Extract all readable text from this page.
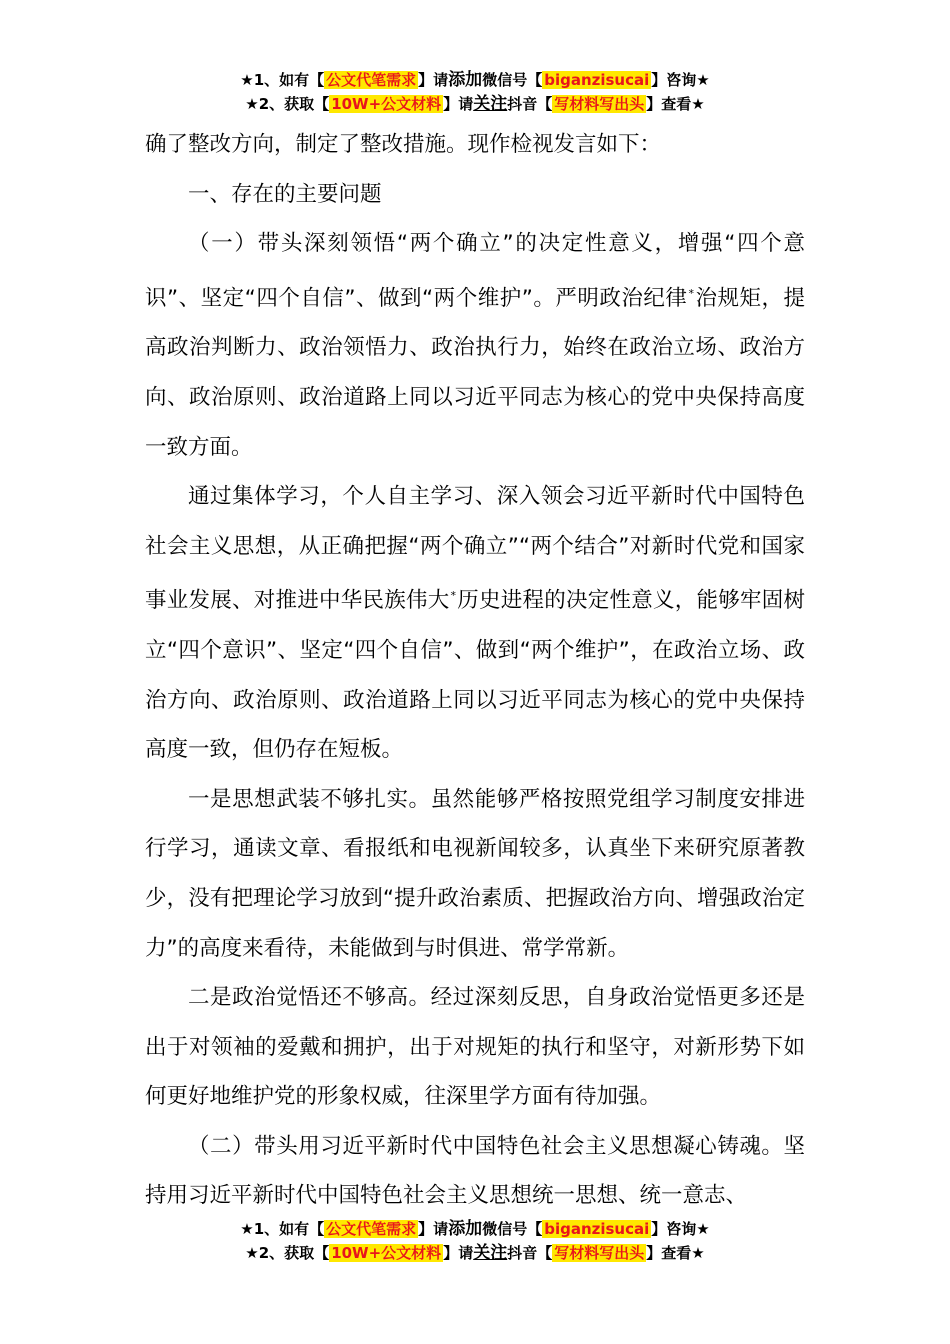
★1、如有【 公文代笔需求 】请添加微信号【 biganzisucai 】咨询★
★2、获取【 10W+公文材料 】请关注抖音【 写材料写出头 】查看★

确了整改方向，制定了整改措施。现作检视发言如下：

一、存在的主要问题

（一）带头深刻领悟“两个确立”的决定性意义，增强“四个意识”、坚定“四个自信”、做到“两个维护”。严明政治纪律*治规矩，提高政治判断力、政治领悟力、政治执行力，始终在政治立场、政治方向、政治原则、政治道路上同以习近平同志为核心的党中央保持高度一致方面。

通过集体学习，个人自主学习、深入领会习近平新时代中国特色社会主义思想，从正确把握“两个确立”“两个结合”对新时代党和国家事业发展、对推进中华民族伟大*历史进程的决定性意义，能够牢固树立“四个意识”、坚定“四个自信”、做到“两个维护”，在政治立场、政治方向、政治原则、政治道路上同以习近平同志为核心的党中央保持高度一致，但仍存在短板。

一是思想武装不够扎实。虽然能够严格按照党组学习制度安排进行学习，通读文章、看报纸和电视新闻较多，认真坐下来研究原著教少，没有把理论学习放到“提升政治素质、把握政治方向、增强政治定力”的高度来看待，未能做到与时俱进、常学常新。

二是政治觉悟还不够高。经过深刻反思，自身政治觉悟更多还是出于对领袖的爱戴和拥护，出于对规矩的执行和坚守，对新形势下如何更好地维护党的形象权威，往深里学方面有待加强。

（二）带头用习近平新时代中国特色社会主义思想凝心铸魂。坚持用习近平新时代中国特色社会主义思想统一思想、统一意志、

★1、如有【 公文代笔需求 】请添加微信号【 biganzisucai 】咨询★
★2、获取【 10W+公文材料 】请关注抖音【 写材料写出头 】查看★
